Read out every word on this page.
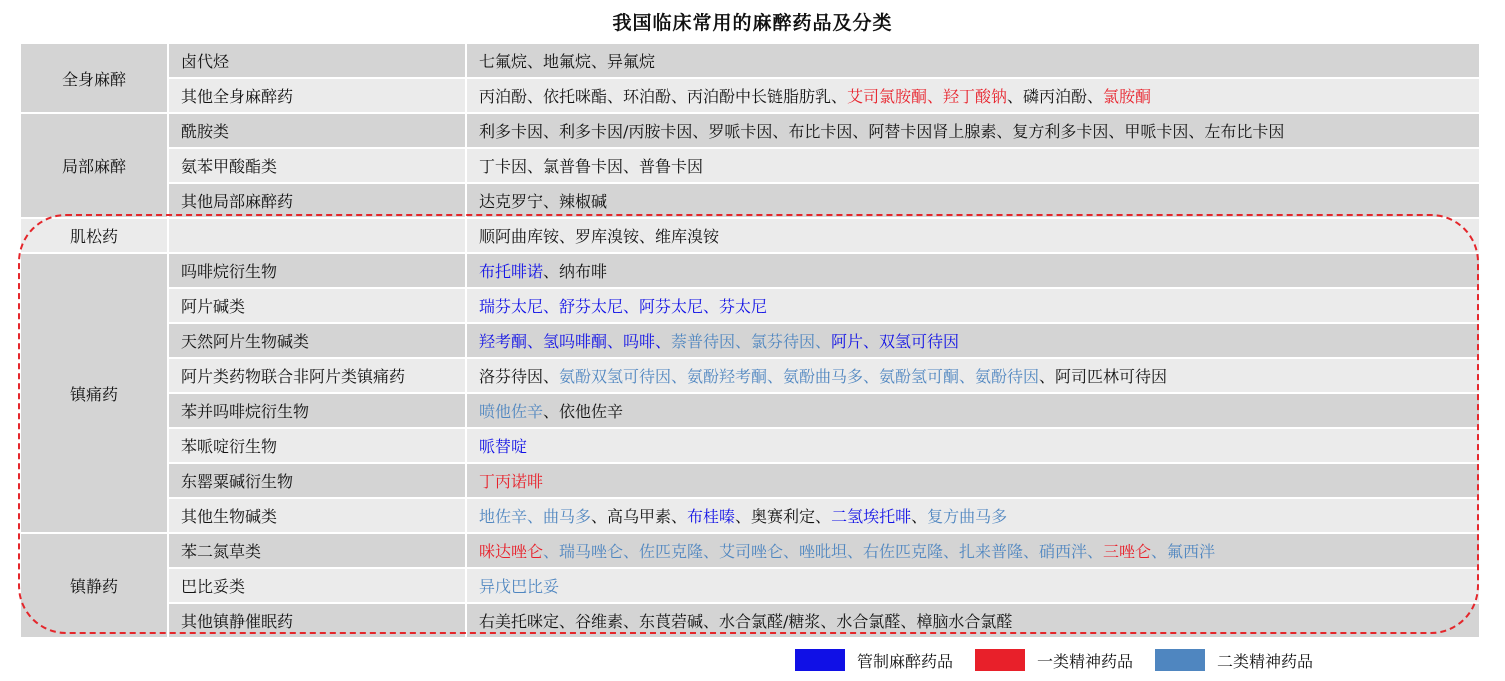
我国临床常用的麻醉药品及分类
全身麻醉	卤代烃	七氟烷、地氟烷、异氟烷
	其他全身麻醉药	丙泊酚、依托咪酯、环泊酚、丙泊酚中长链脂肪乳、艾司氯胺酮、羟丁酸钠、磷丙泊酚、氯胺酮
局部麻醉	酰胺类	利多卡因、利多卡因/丙胺卡因、罗哌卡因、布比卡因、阿替卡因肾上腺素、复方利多卡因、甲哌卡因、左布比卡因
	氨苯甲酸酯类	丁卡因、氯普鲁卡因、普鲁卡因
	其他局部麻醉药	达克罗宁、辣椒碱
肌松药		顺阿曲库铵、罗库溴铵、维库溴铵
镇痛药	吗啡烷衍生物	布托啡诺、纳布啡
	阿片碱类	瑞芬太尼、舒芬太尼、阿芬太尼、芬太尼
	天然阿片生物碱类	羟考酮、氢吗啡酮、吗啡、萘普待因、氯芬待因、阿片、双氢可待因
	阿片类药物联合非阿片类镇痛药	洛芬待因、氨酚双氢可待因、氨酚羟考酮、氨酚曲马多、氨酚氢可酮、氨酚待因、阿司匹林可待因
	苯并吗啡烷衍生物	喷他佐辛、依他佐辛
	苯哌啶衍生物	哌替啶
	东罂粟碱衍生物	丁丙诺啡
	其他生物碱类	地佐辛、曲马多、高乌甲素、布桂嗪、奥赛利定、二氢埃托啡、复方曲马多
镇静药	苯二氮草类	咪达唑仑、瑞马唑仑、佐匹克隆、艾司唑仑、唑吡坦、右佐匹克隆、扎来普隆、硝西泮、三唑仑、氟西泮
	巴比妥类	异戊巴比妥
	其他镇静催眠药	右美托咪定、谷维素、东莨菪碱、水合氯醛/糖浆、水合氯醛、樟脑水合氯醛
管制麻醉药品	一类精神药品	二类精神药品
